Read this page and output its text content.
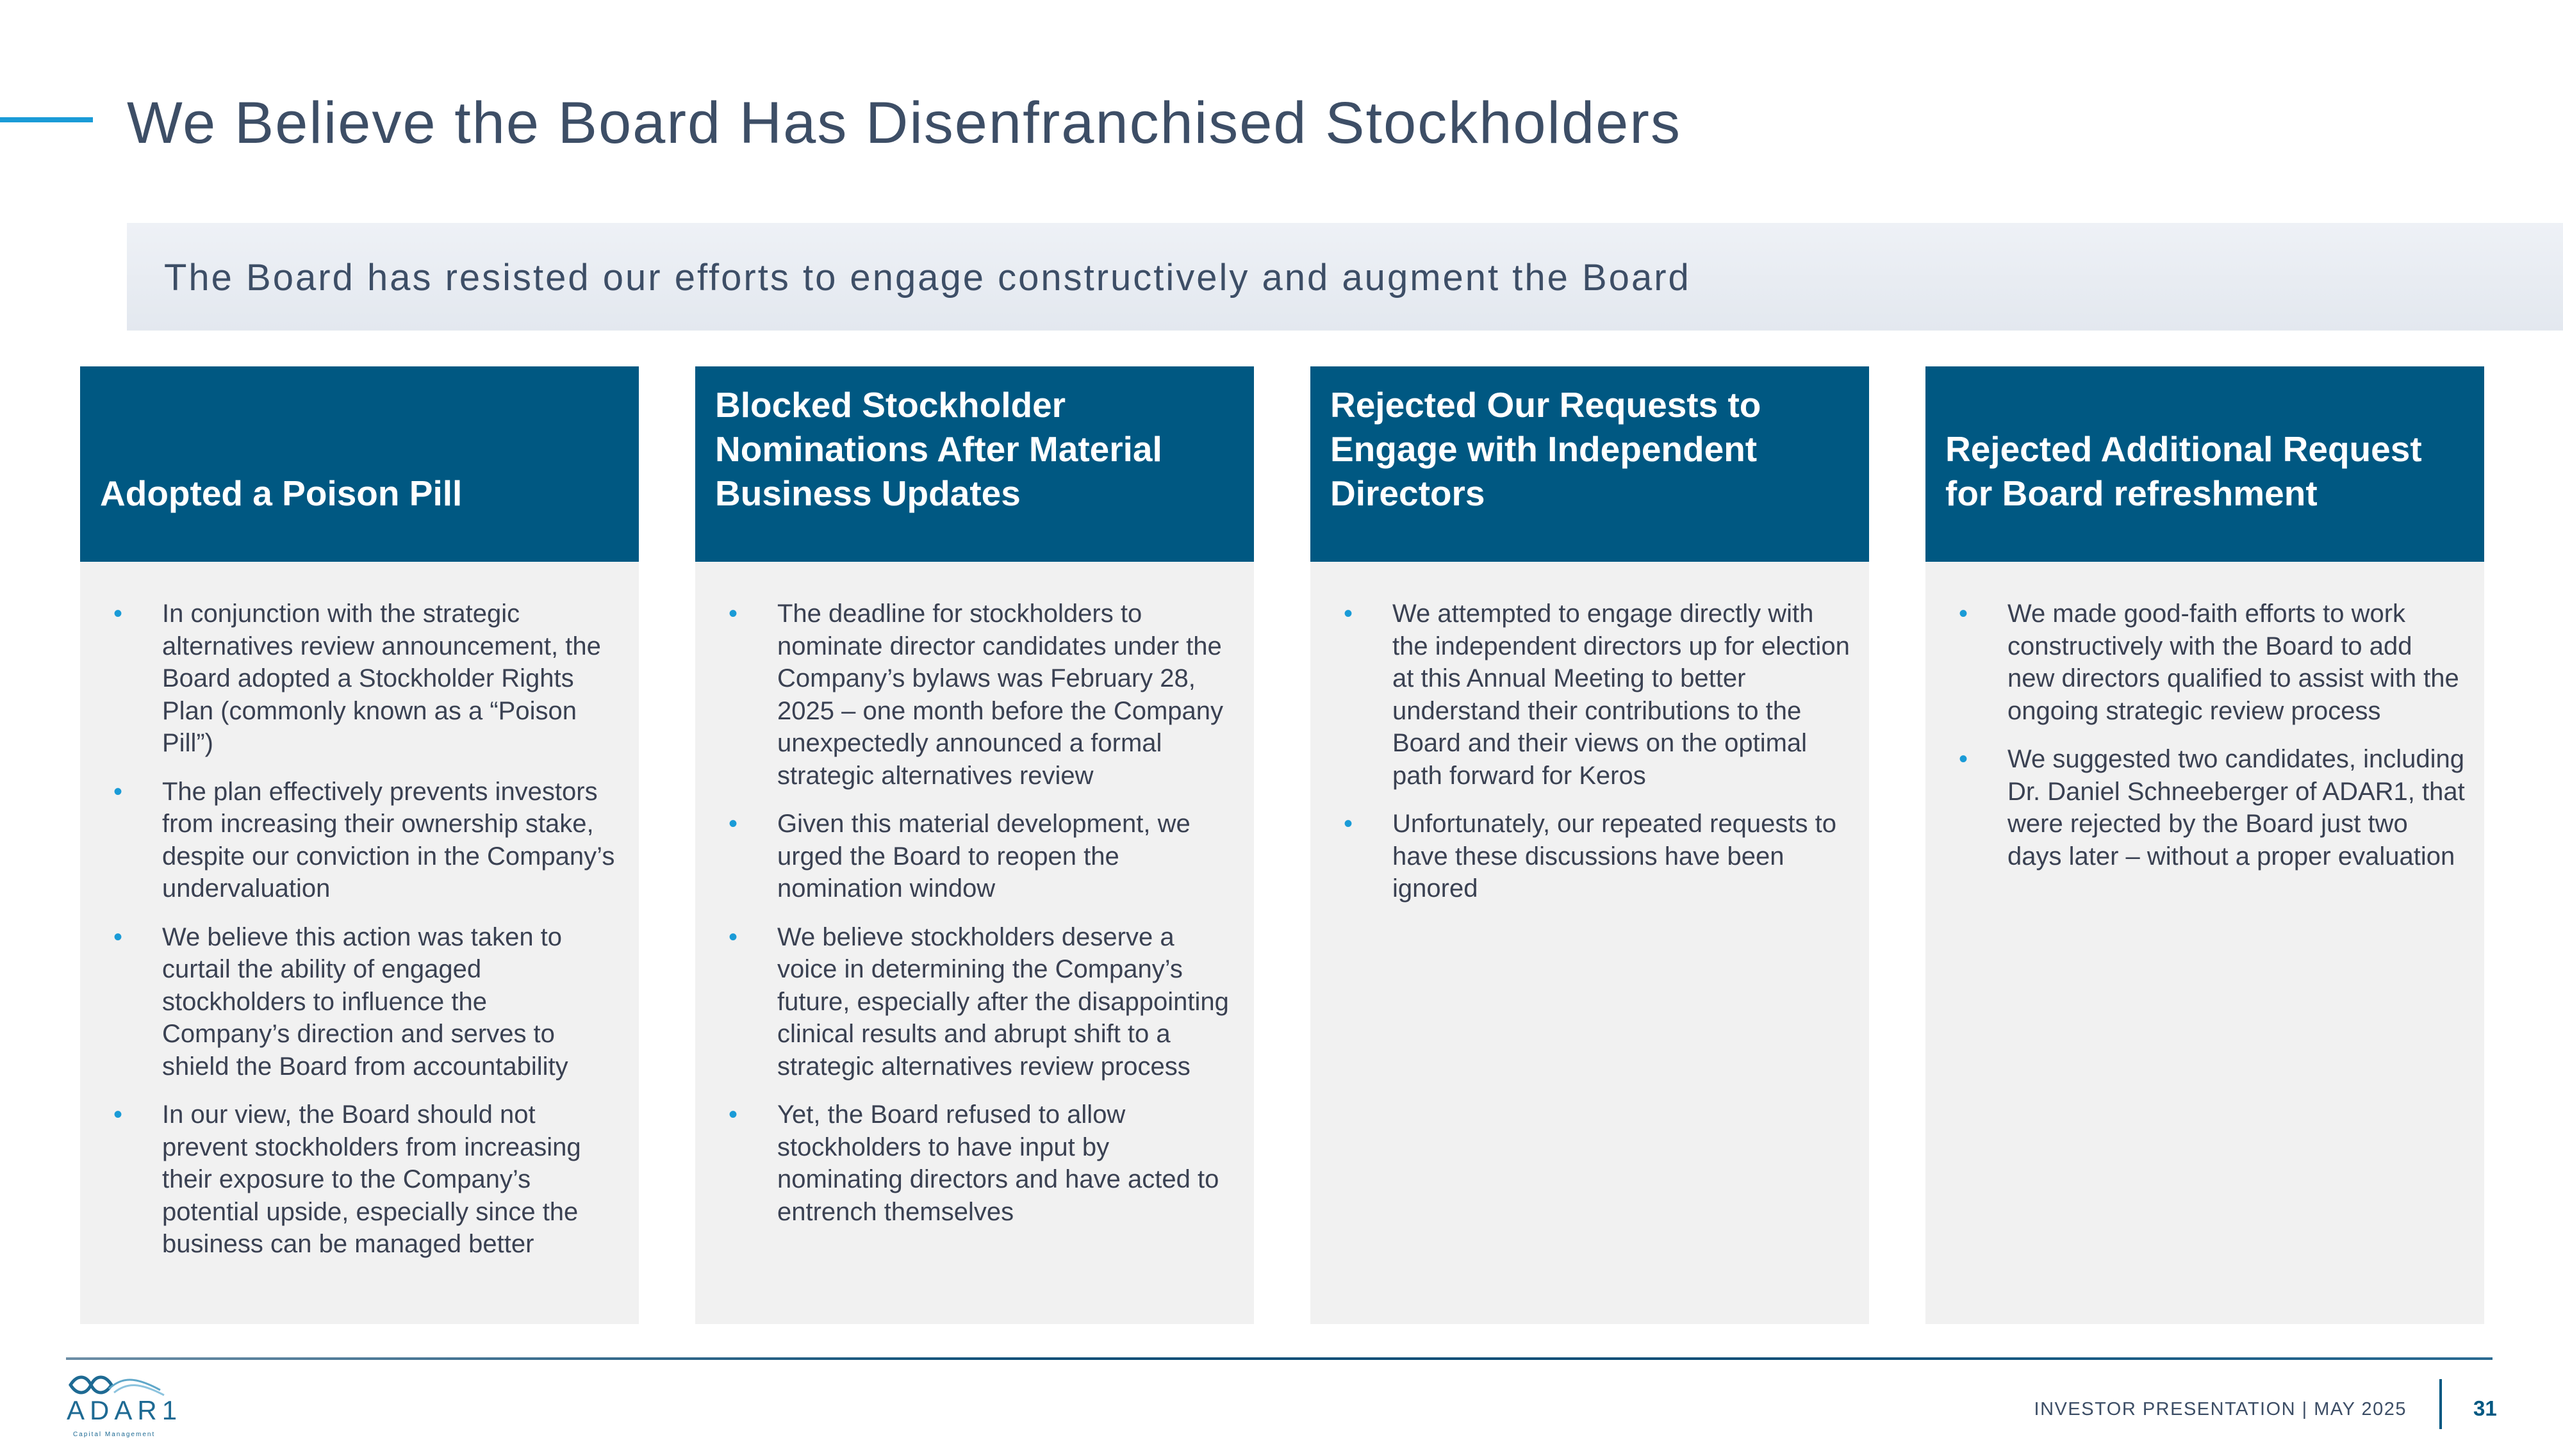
We Believe the Board Has Disenfranchised Stockholders

The Board has resisted our efforts to engage constructively and augment the Board

Adopted a Poison Pill
• In conjunction with the strategic alternatives review announcement, the Board adopted a Stockholder Rights Plan (commonly known as a “Poison Pill”)
• The plan effectively prevents investors from increasing their ownership stake, despite our conviction in the Company’s undervaluation
• We believe this action was taken to curtail the ability of engaged stockholders to influence the Company’s direction and serves to shield the Board from accountability
• In our view, the Board should not prevent stockholders from increasing their exposure to the Company’s potential upside, especially since the business can be managed better
Blocked Stockholder Nominations After Material Business Updates
• The deadline for stockholders to nominate director candidates under the Company’s bylaws was February 28, 2025 – one month before the Company unexpectedly announced a formal strategic alternatives review
• Given this material development, we urged the Board to reopen the nomination window
• We believe stockholders deserve a voice in determining the Company’s future, especially after the disappointing clinical results and abrupt shift to a strategic alternatives review process
• Yet, the Board refused to allow stockholders to have input by nominating directors and have acted to entrench themselves
Rejected Our Requests to Engage with Independent Directors
• We attempted to engage directly with the independent directors up for election at this Annual Meeting to better understand their contributions to the Board and their views on the optimal path forward for Keros
• Unfortunately, our repeated requests to have these discussions have been ignored
Rejected Additional Request for Board refreshment
• We made good-faith efforts to work constructively with the Board to add new directors qualified to assist with the ongoing strategic review process
• We suggested two candidates, including Dr. Daniel Schneeberger of ADAR1, that were rejected by the Board just two days later – without a proper evaluation

ADAR1

Capital Management

INVESTOR PRESENTATION | MAY 2025	31
